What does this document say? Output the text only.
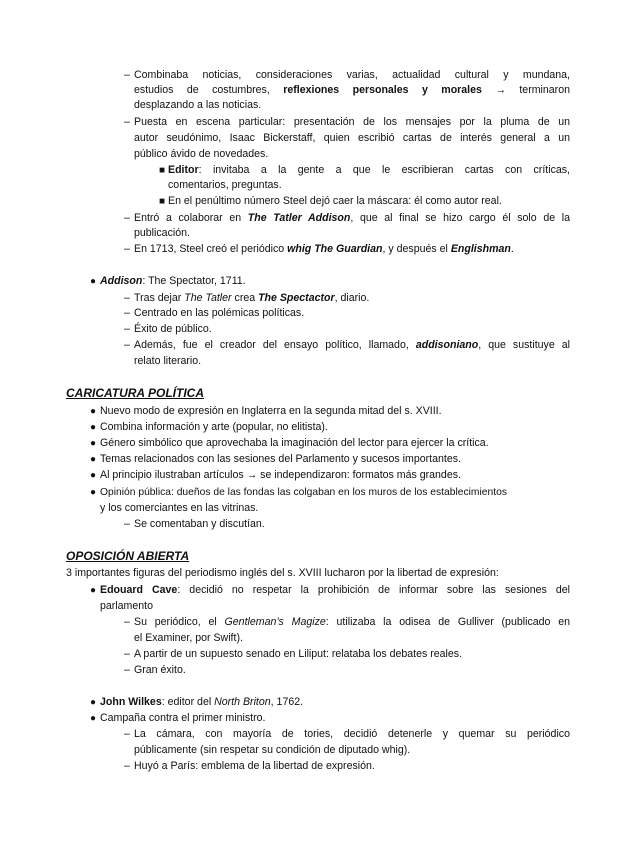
– Combinaba noticias, consideraciones varias, actualidad cultural y mundana,
estudios de costumbres, reflexiones personales y morales → terminaron
desplazando a las noticias.
– Puesta en escena particular: presentación de los mensajes por la pluma de un
autor seudónimo, Isaac Bickerstaff, quien escribió cartas de interés general a un
público ávido de novedades.
■ Editor: invitaba a la gente a que le escribieran cartas con críticas,
comentarios, preguntas.
■ En el penúltimo número Steel dejó caer la máscara: él como autor real.
– Entró a colaborar en The Tatler Addison, que al final se hizo cargo él solo de la
publicación.
– En 1713, Steel creó el periódico whig The Guardian, y después el Englishman.
● Addison: The Spectator, 1711.
– Tras dejar The Tatler crea The Spectactor, diario.
– Centrado en las polémicas políticas.
– Éxito de público.
– Además, fue el creador del ensayo político, llamado, addisoniano, que sustituye al
relato literario.
CARICATURA POLÍTICA
● Nuevo modo de expresión en Inglaterra en la segunda mitad del s. XVIII.
● Combina información y arte (popular, no elitista).
● Género simbólico que aprovechaba la imaginación del lector para ejercer la crítica.
● Temas relacionados con las sesiones del Parlamento y sucesos importantes.
● Al principio ilustraban artículos → se independizaron: formatos más grandes.
● Opinión pública: dueños de las fondas las colgaban en los muros de los establecimientos
y los comerciantes en las vitrinas.
– Se comentaban y discutían.
OPOSICIÓN ABIERTA
3 importantes figuras del periodismo inglés del s. XVIII lucharon por la libertad de expresión:
● Edouard Cave: decidió no respetar la prohibición de informar sobre las sesiones del
parlamento
– Su periódico, el Gentleman’s Magize: utilizaba la odisea de Gulliver (publicado en
el Examiner, por Swift).
– A partir de un supuesto senado en Liliput: relataba los debates reales.
– Gran éxito.
● John Wilkes: editor del North Briton, 1762.
● Campaña contra el primer ministro.
– La cámara, con mayoría de tories, decidió detenerle y quemar su periódico
públicamente (sin respetar su condición de diputado whig).
– Huyó a París: emblema de la libertad de expresión.
